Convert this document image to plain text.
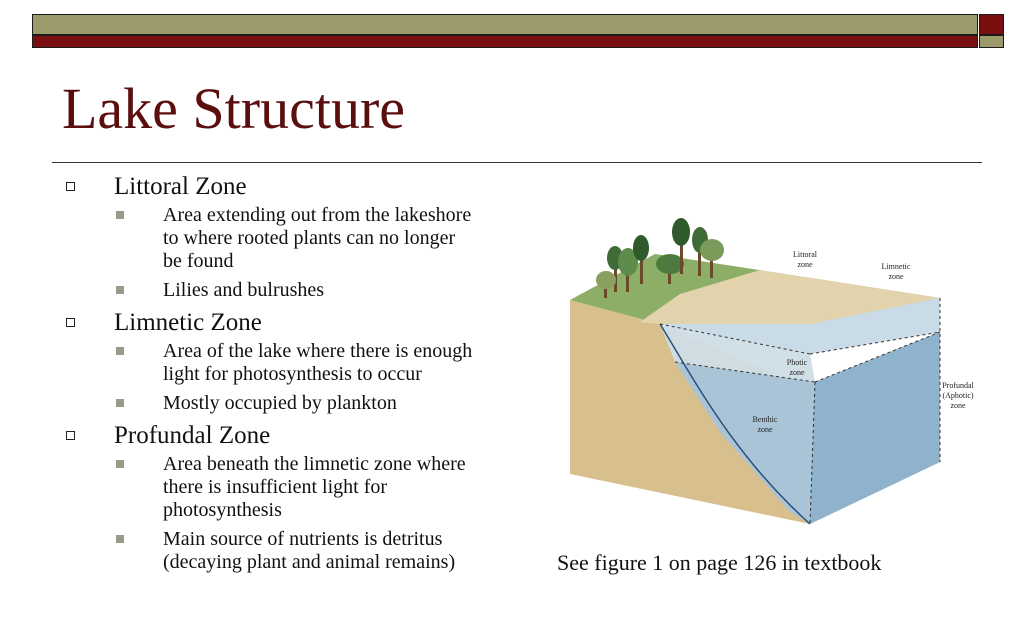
Lake Structure
Littoral Zone
Area extending out from the lakeshore
to where rooted plants can no longer
be found
Lilies and bulrushes
Limnetic Zone
Area of the lake where there is enough
light for photosynthesis to occur
Mostly occupied by plankton
Profundal Zone
Area beneath the limnetic zone where
there is insufficient light for
photosynthesis
Main source of nutrients is detritus
(decaying plant and animal remains)
Littoral
zone	Limnetic
zone
Photic
zone
Benthic
zone
Profundal
(Aphotic)
zone
See figure 1 on page 126 in textbook
